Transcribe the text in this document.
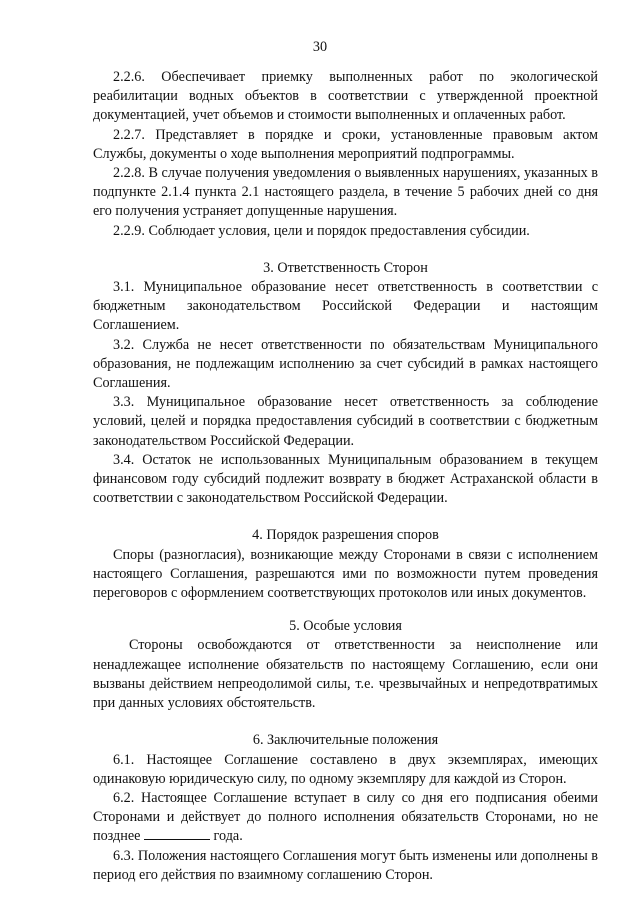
30

2.2.6. Обеспечивает приемку выполненных работ по экологической реабилитации водных объектов в соответствии с утвержденной проектной документацией, учет объемов и стоимости выполненных и оплаченных работ.

2.2.7. Представляет в порядке и сроки, установленные правовым актом Службы, документы о ходе выполнения мероприятий подпрограммы.

2.2.8. В случае получения уведомления о выявленных нарушениях, указанных в подпункте 2.1.4 пункта 2.1 настоящего раздела, в течение 5 рабочих дней со дня его получения устраняет допущенные нарушения.

2.2.9. Соблюдает условия, цели и порядок предоставления субсидии.

3. Ответственность Сторон

3.1. Муниципальное образование несет ответственность в соответствии с бюджетным законодательством Российской Федерации и настоящим Соглашением.

3.2. Служба не несет ответственности по обязательствам Муниципального образования, не подлежащим исполнению за счет субсидий в рамках настоящего Соглашения.

3.3. Муниципальное образование несет ответственность за соблюдение условий, целей и порядка предоставления субсидий в соответствии с бюджетным законодательством Российской Федерации.

3.4. Остаток не использованных Муниципальным образованием в текущем финансовом году субсидий подлежит возврату в бюджет Астраханской области в соответствии с законодательством Российской Федерации.

4. Порядок разрешения споров

Споры (разногласия), возникающие между Сторонами в связи с исполнением настоящего Соглашения, разрешаются ими по возможности путем проведения переговоров с оформлением соответствующих протоколов или иных документов.

5. Особые условия

Стороны освобождаются от ответственности за неисполнение или ненадлежащее исполнение обязательств по настоящему Соглашению, если они вызваны действием непреодолимой силы, т.е. чрезвычайных и непредотвратимых при данных условиях обстоятельств.

6. Заключительные положения

6.1. Настоящее Соглашение составлено в двух экземплярах, имеющих одинаковую юридическую силу, по одному экземпляру для каждой из Сторон.

6.2. Настоящее Соглашение вступает в силу со дня его подписания обеими Сторонами и действует до полного исполнения обязательств Сторонами, но не позднее	года.

6.3. Положения настоящего Соглашения могут быть изменены или дополнены в период его действия по взаимному соглашению Сторон.
